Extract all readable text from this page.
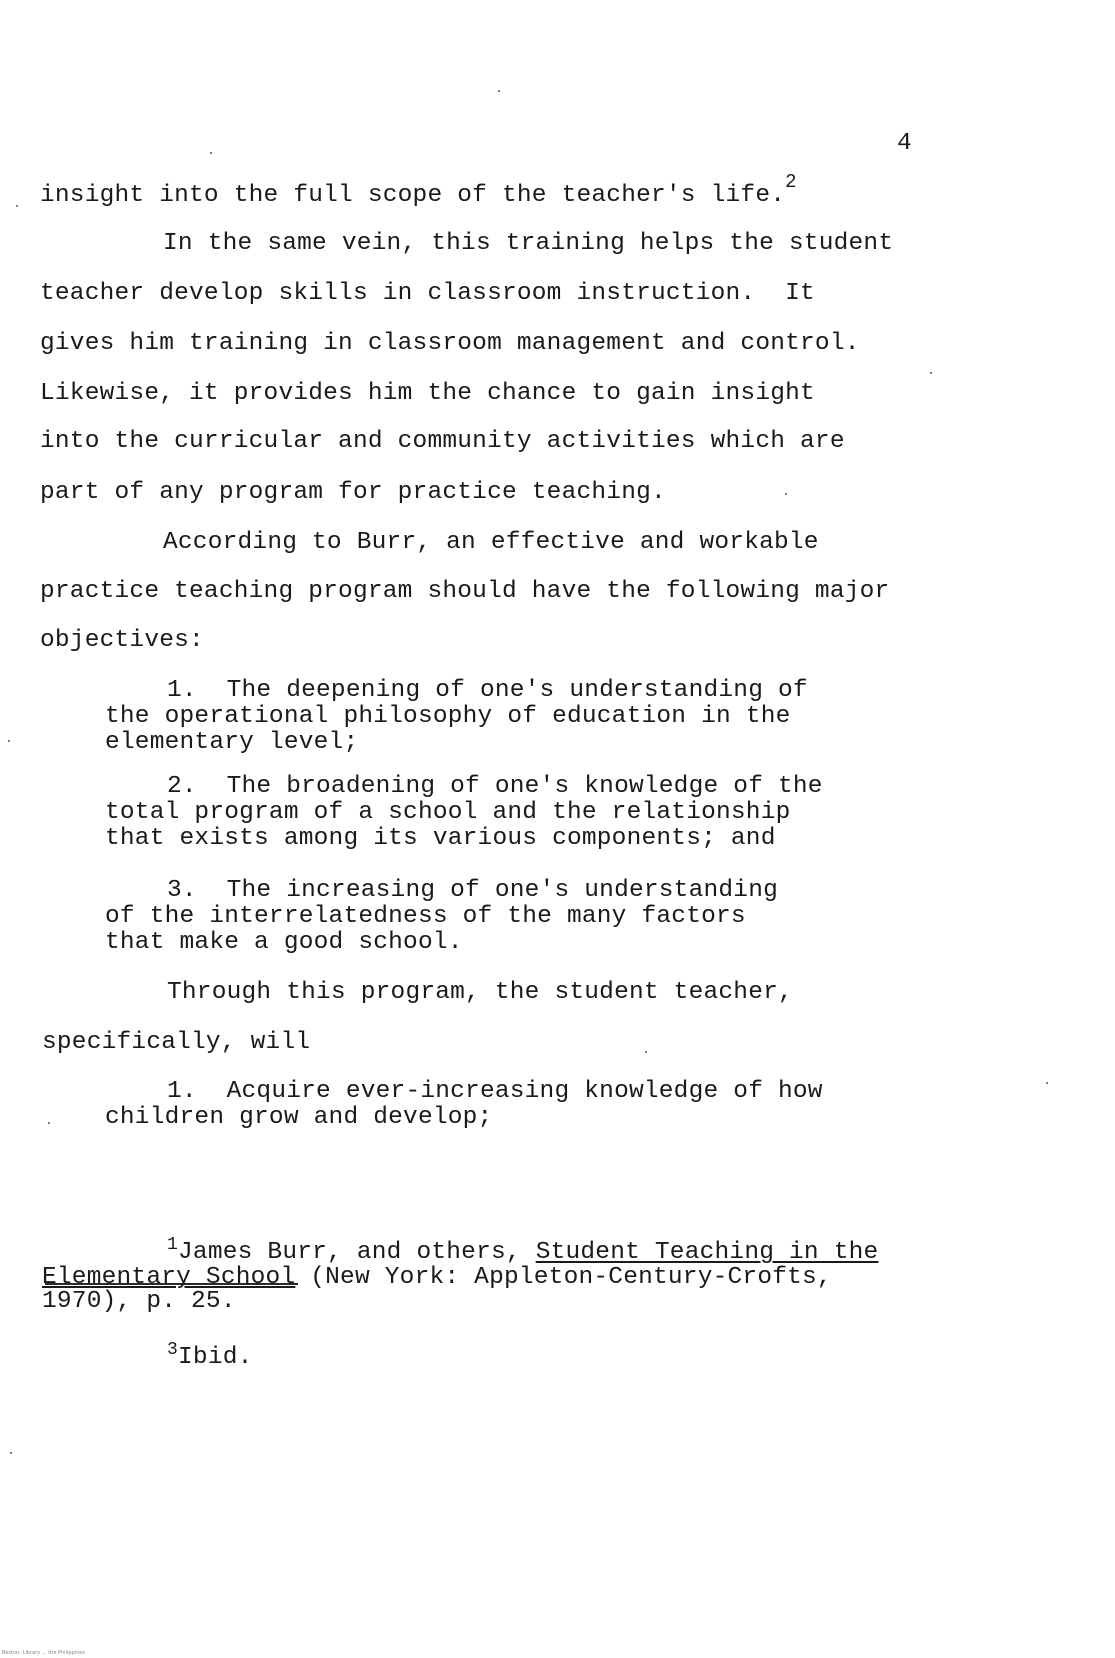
4
insight into the full scope of the teacher's life.$^2$
In the same vein, this training helps the student
teacher develop skills in classroom instruction.  It
gives him training in classroom management and control.
Likewise, it provides him the chance to gain insight
into the curricular and community activities which are
part of any program for practice teaching.
According to Burr, an effective and workable
practice teaching program should have the following major
objectives:
1.  The deepening of one's understanding of
the operational philosophy of education in the
elementary level;
2.  The broadening of one's knowledge of the
total program of a school and the relationship
that exists among its various components; and
3.  The increasing of one's understanding
of the interrelatedness of the many factors
that make a good school.
Through this program, the student teacher,
specifically, will
1.  Acquire ever-increasing knowledge of how
children grow and develop;
$^1$James Burr, and others, Student Teaching in the
Elementary School (New York: Appleton-Century-Crofts,
1970), p. 25.
$^3$Ibid.
Bestiar, Library ... the Philippines
